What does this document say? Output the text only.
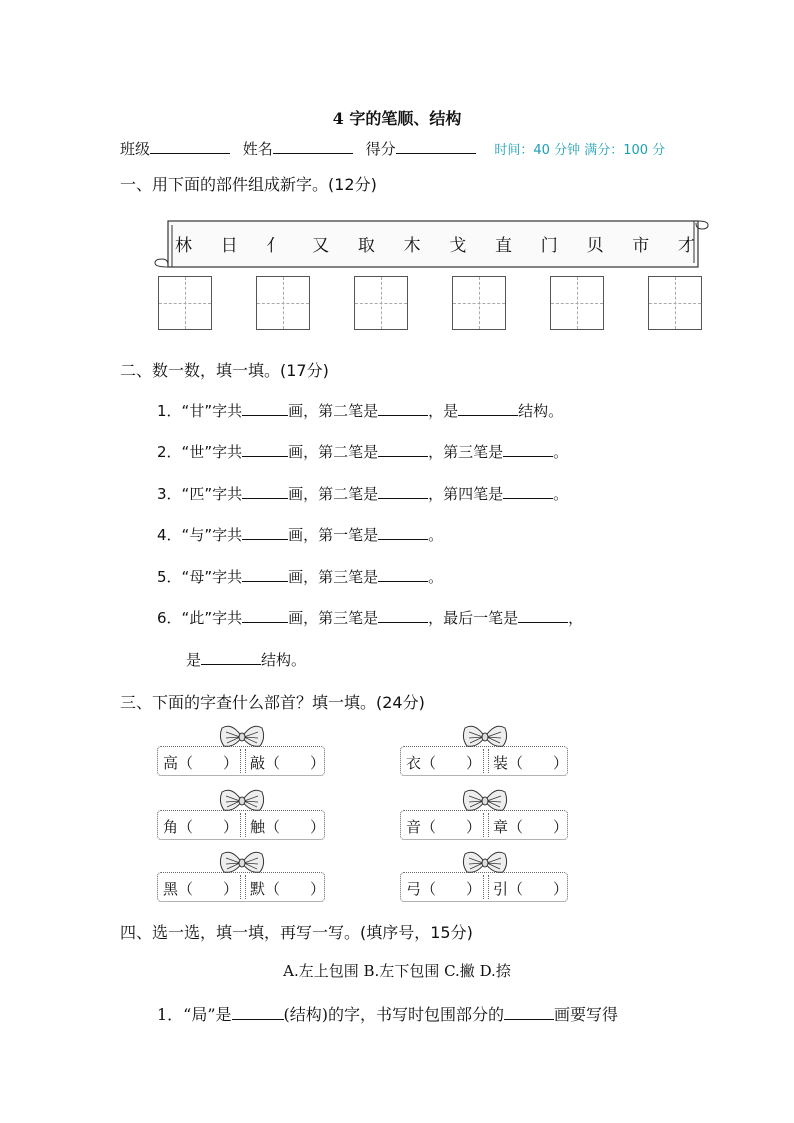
4 字的笔顺、结构
班级	姓名	得分	时间：40 分钟 满分：100 分
一、用下面的部件组成新字。(12分)
林 日 亻 又 取 木 戈 直 门 贝 市 才
二、数一数，填一填。(17分)
1．“甘”字共	画，第二笔是	，是	结构。
2．“世”字共	画，第二笔是	，第三笔是	。
3．“匹”字共	画，第二笔是	，第四笔是	。
4．“与”字共	画，第一笔是	。
5．“母”字共	画，第三笔是	。
6．“此”字共	画，第三笔是	，最后一笔是	，
是	结构。
三、下面的字查什么部首？填一填。(24分)
高（　　） 敲（　　）	衣（　　） 装（　　）
角（　　） 触（　　）	音（　　） 章（　　）
黑（　　） 默（　　）	弓（　　） 引（　　）
四、选一选，填一填，再写一写。(填序号，15分)
A.左上包围 B.左下包围 C.撇 D.捺
1．“局”是	(结构)的字，书写时包围部分的	画要写得
